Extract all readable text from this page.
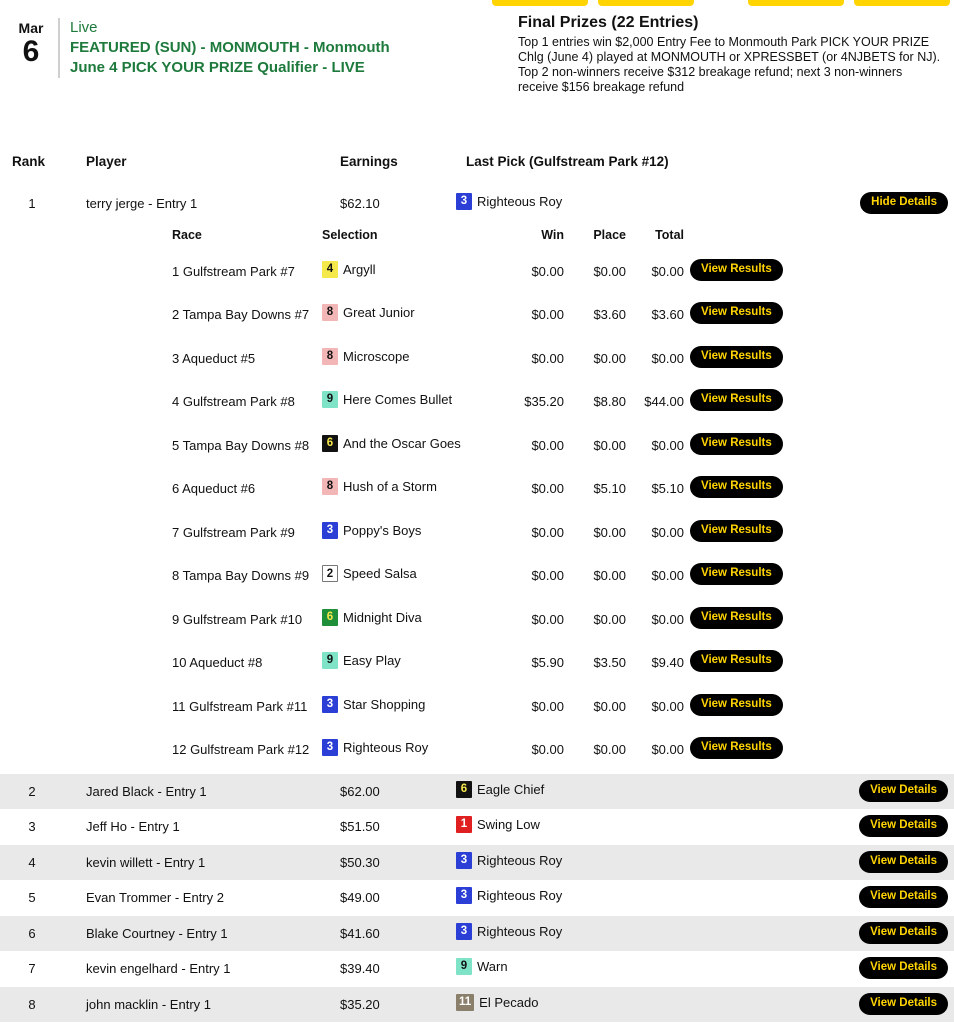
Mar
6
Live
FEATURED (SUN) - MONMOUTH - Monmouth
June 4 PICK YOUR PRIZE Qualifier - LIVE
Final Prizes (22 Entries)

Top 1 entries win $2,000 Entry Fee to Monmouth Park PICK YOUR PRIZE Chlg (June 4) played at MONMOUTH or XPRESSBET (or 4NJBETS for NJ). Top 2 non-winners receive $312 breakage refund; next 3 non-winners receive $156 breakage refund

Rank	Player	Earnings	Last Pick (Gulfstream Park #12)
1	terry jerge - Entry 1	$62.10	3 Righteous Roy	Hide Details
Race	Selection	Win	Place	Total
1 Gulfstream Park #7	4 Argyll	$0.00	$0.00	$0.00	View Results
2 Tampa Bay Downs #7	8 Great Junior	$0.00	$3.60	$3.60	View Results
3 Aqueduct #5	8 Microscope	$0.00	$0.00	$0.00	View Results
4 Gulfstream Park #8	9 Here Comes Bullet	$35.20	$8.80	$44.00	View Results
5 Tampa Bay Downs #8	6 And the Oscar Goes	$0.00	$0.00	$0.00	View Results
6 Aqueduct #6	8 Hush of a Storm	$0.00	$5.10	$5.10	View Results
7 Gulfstream Park #9	3 Poppy's Boys	$0.00	$0.00	$0.00	View Results
8 Tampa Bay Downs #9	2 Speed Salsa	$0.00	$0.00	$0.00	View Results
9 Gulfstream Park #10	6 Midnight Diva	$0.00	$0.00	$0.00	View Results
10 Aqueduct #8	9 Easy Play	$5.90	$3.50	$9.40	View Results
11 Gulfstream Park #11	3 Star Shopping	$0.00	$0.00	$0.00	View Results
12 Gulfstream Park #12	3 Righteous Roy	$0.00	$0.00	$0.00	View Results
2	Jared Black - Entry 1	$62.00	6 Eagle Chief	View Details
3	Jeff Ho - Entry 1	$51.50	1 Swing Low	View Details
4	kevin willett - Entry 1	$50.30	3 Righteous Roy	View Details
5	Evan Trommer - Entry 2	$49.00	3 Righteous Roy	View Details
6	Blake Courtney - Entry 1	$41.60	3 Righteous Roy	View Details
7	kevin engelhard - Entry 1	$39.40	9 Warn	View Details
8	john macklin - Entry 1	$35.20	11 El Pecado	View Details
